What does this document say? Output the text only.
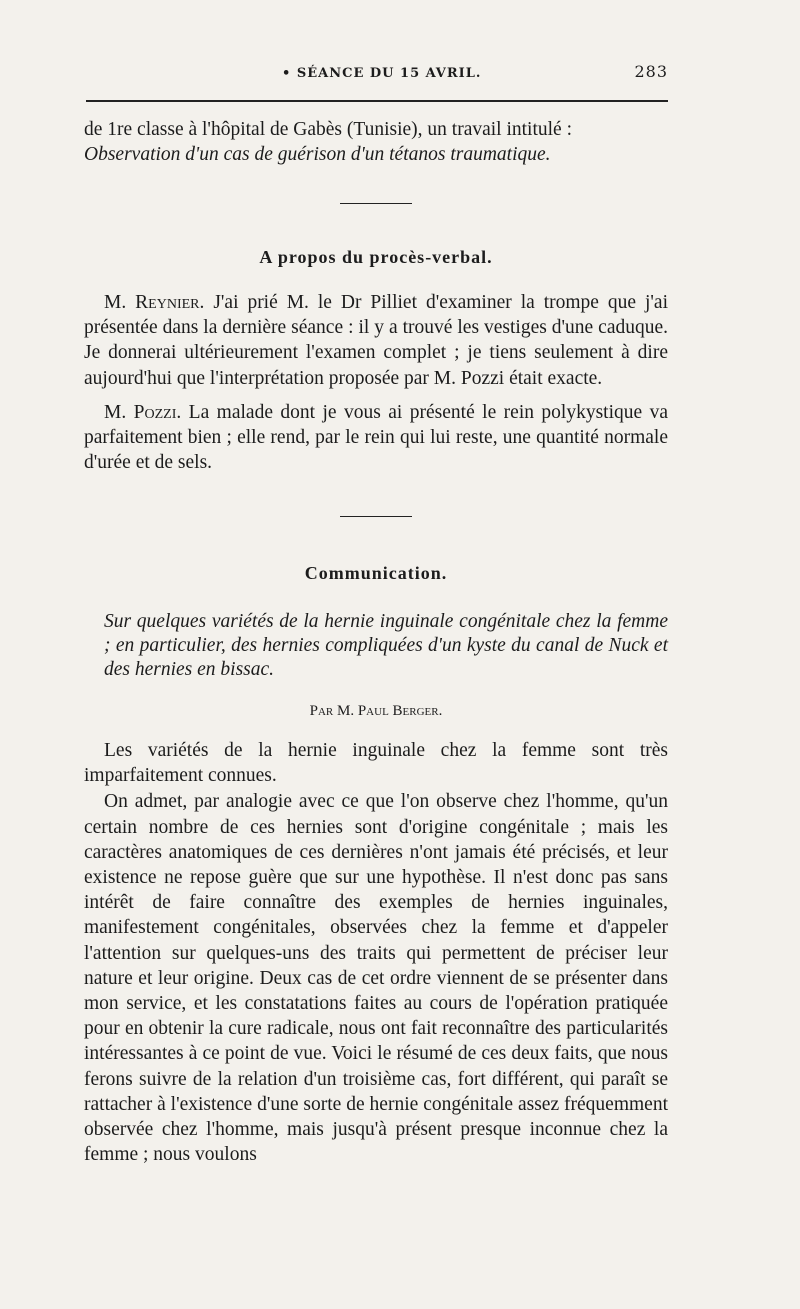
• SÉANCE DU 15 AVRIL.	283

de 1re classe à l'hôpital de Gabès (Tunisie), un travail intitulé :

Observation d'un cas de guérison d'un tétanos traumatique.

A propos du procès-verbal.

M. Reynier. J'ai prié M. le Dr Pilliet d'examiner la trompe que j'ai présentée dans la dernière séance : il y a trouvé les vestiges d'une caduque. Je donnerai ultérieurement l'examen complet ; je tiens seulement à dire aujourd'hui que l'interprétation proposée par M. Pozzi était exacte.

M. Pozzi. La malade dont je vous ai présenté le rein polykystique va parfaitement bien ; elle rend, par le rein qui lui reste, une quantité normale d'urée et de sels.

Communication.
Sur quelques variétés de la hernie inguinale congénitale chez la femme ; en particulier, des hernies compliquées d'un kyste du canal de Nuck et des hernies en bissac.
Par M. Paul Berger.

Les variétés de la hernie inguinale chez la femme sont très imparfaitement connues.

On admet, par analogie avec ce que l'on observe chez l'homme, qu'un certain nombre de ces hernies sont d'origine congénitale ; mais les caractères anatomiques de ces dernières n'ont jamais été précisés, et leur existence ne repose guère que sur une hypothèse. Il n'est donc pas sans intérêt de faire connaître des exemples de hernies inguinales, manifestement congénitales, observées chez la femme et d'appeler l'attention sur quelques-uns des traits qui permettent de préciser leur nature et leur origine. Deux cas de cet ordre viennent de se présenter dans mon service, et les constatations faites au cours de l'opération pratiquée pour en obtenir la cure radicale, nous ont fait reconnaître des particularités intéressantes à ce point de vue. Voici le résumé de ces deux faits, que nous ferons suivre de la relation d'un troisième cas, fort différent, qui paraît se rattacher à l'existence d'une sorte de hernie congénitale assez fréquemment observée chez l'homme, mais jusqu'à présent presque inconnue chez la femme ; nous voulons
